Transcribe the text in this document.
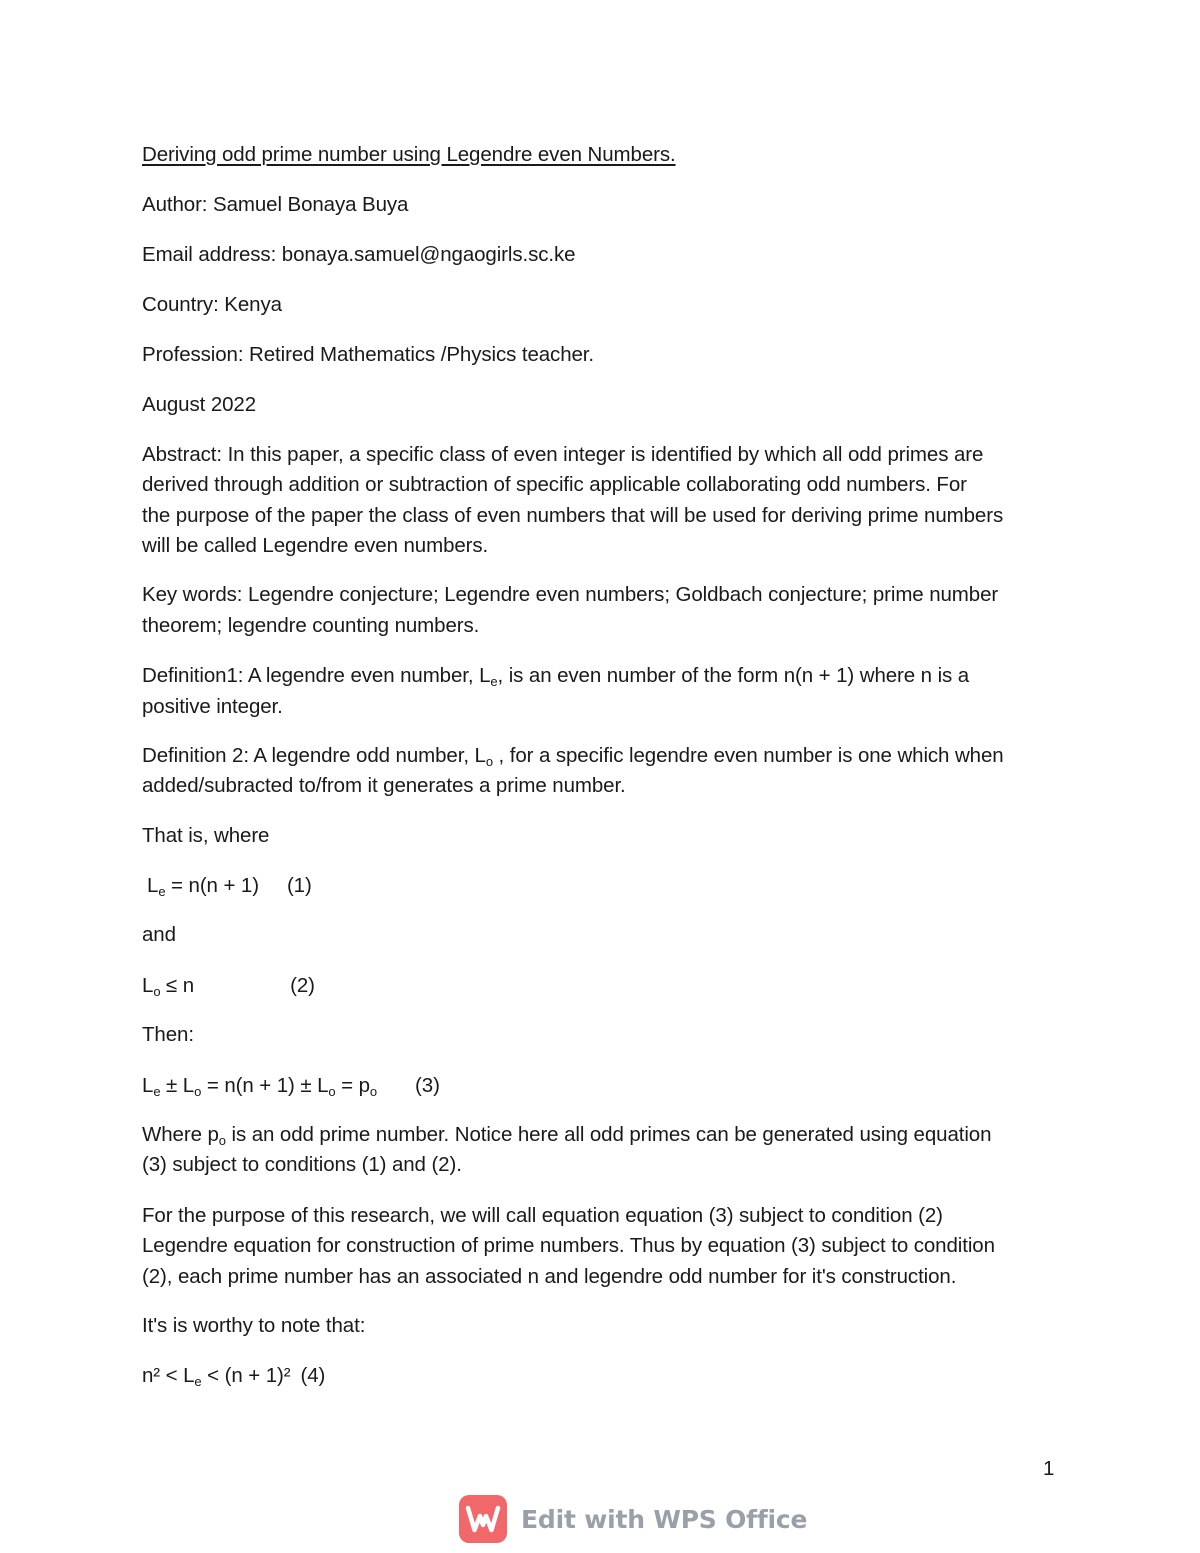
Deriving odd prime number using Legendre even Numbers.
Author: Samuel Bonaya Buya
Email address: bonaya.samuel@ngaogirls.sc.ke
Country: Kenya
Profession: Retired Mathematics /Physics teacher.
August 2022
Abstract: In this paper, a specific class of even integer is identified by which all odd primes are
derived through addition or subtraction of specific applicable collaborating odd numbers. For
the purpose of the paper the class of even numbers that will be used for deriving prime numbers
will be called Legendre even numbers.
Key words: Legendre conjecture; Legendre even numbers; Goldbach conjecture; prime number
theorem; legendre counting numbers.
Definition1: A legendre even number, $L_e$, is an even number of the form n(n + 1) where n is a
positive integer.
Definition 2: A legendre odd number, $L_o$ , for a specific legendre even number is one which when
added/subracted to/from it generates a prime number.
That is, where
$L_e = n(n + 1)$ (1)
and
$L_o \le n$	(2)
Then:
$L_e \pm L_o = n(n + 1) \pm L_o = p_o$ (3)
Where $p_o$ is an odd prime number. Notice here all odd primes can be generated using equation
(3) subject to conditions (1) and (2).
For the purpose of this research, we will call equation equation (3) subject to condition (2)
Legendre equation for construction of prime numbers. Thus by equation (3) subject to condition
(2), each prime number has an associated n and legendre odd number for it's construction.
It's is worthy to note that:
$n^2 < L_e < (n + 1)^2$ (4)
1
Edit with WPS Office
